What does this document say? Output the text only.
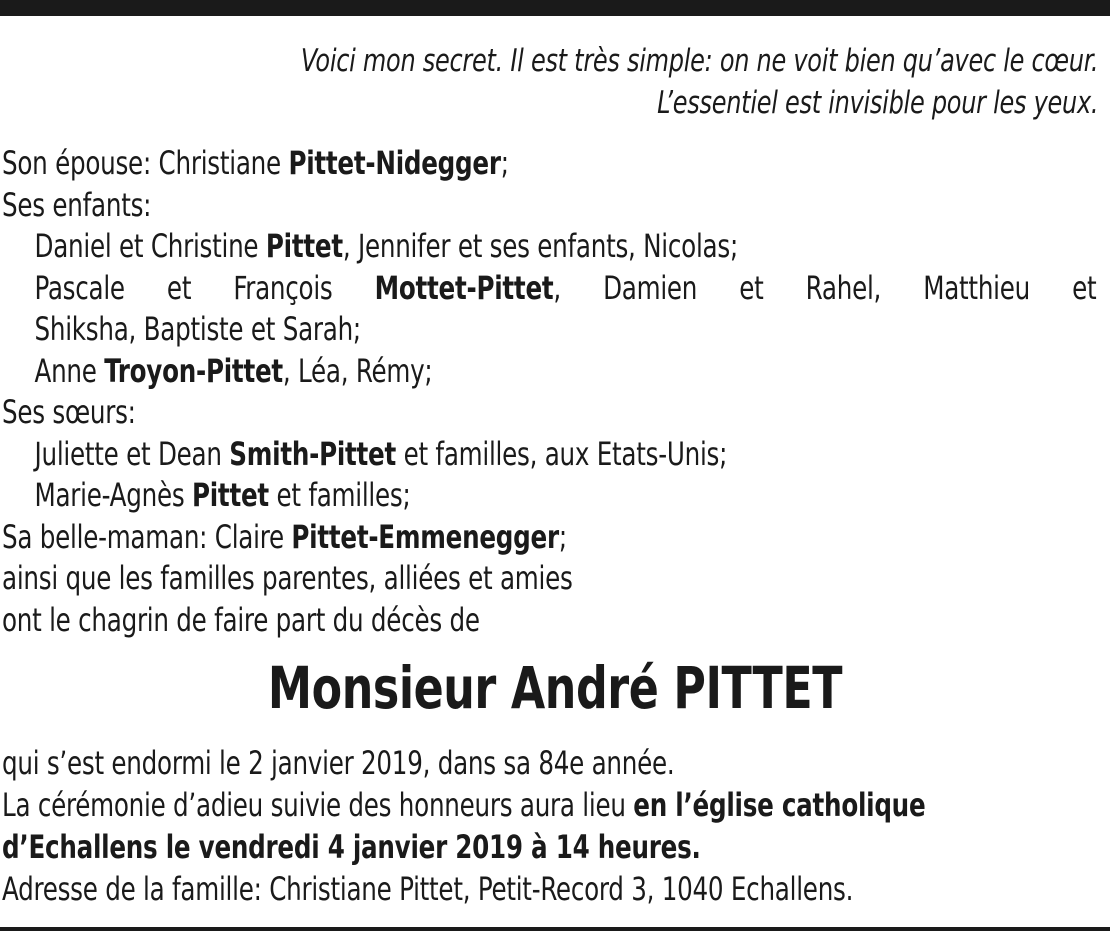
Voici mon secret. Il est très simple: on ne voit bien qu’avec le cœur.
L’essentiel est invisible pour les yeux.
Son épouse: Christiane Pittet-Nidegger;
Ses enfants:
Daniel et Christine Pittet, Jennifer et ses enfants, Nicolas;
Pascale et François Mottet-Pittet, Damien et Rahel, Matthieu et
Shiksha, Baptiste et Sarah;
Anne Troyon-Pittet, Léa, Rémy;
Ses sœurs:
Juliette et Dean Smith-Pittet et familles, aux Etats-Unis;
Marie-Agnès Pittet et familles;
Sa belle-maman: Claire Pittet-Emmenegger;
ainsi que les familles parentes, alliées et amies
ont le chagrin de faire part du décès de
Monsieur André PITTET
qui s’est endormi le 2 janvier 2019, dans sa 84e année.
La cérémonie d’adieu suivie des honneurs aura lieu en l’église catholique
d’Echallens le vendredi 4 janvier 2019 à 14 heures.
Adresse de la famille: Christiane Pittet, Petit-Record 3, 1040 Echallens.
